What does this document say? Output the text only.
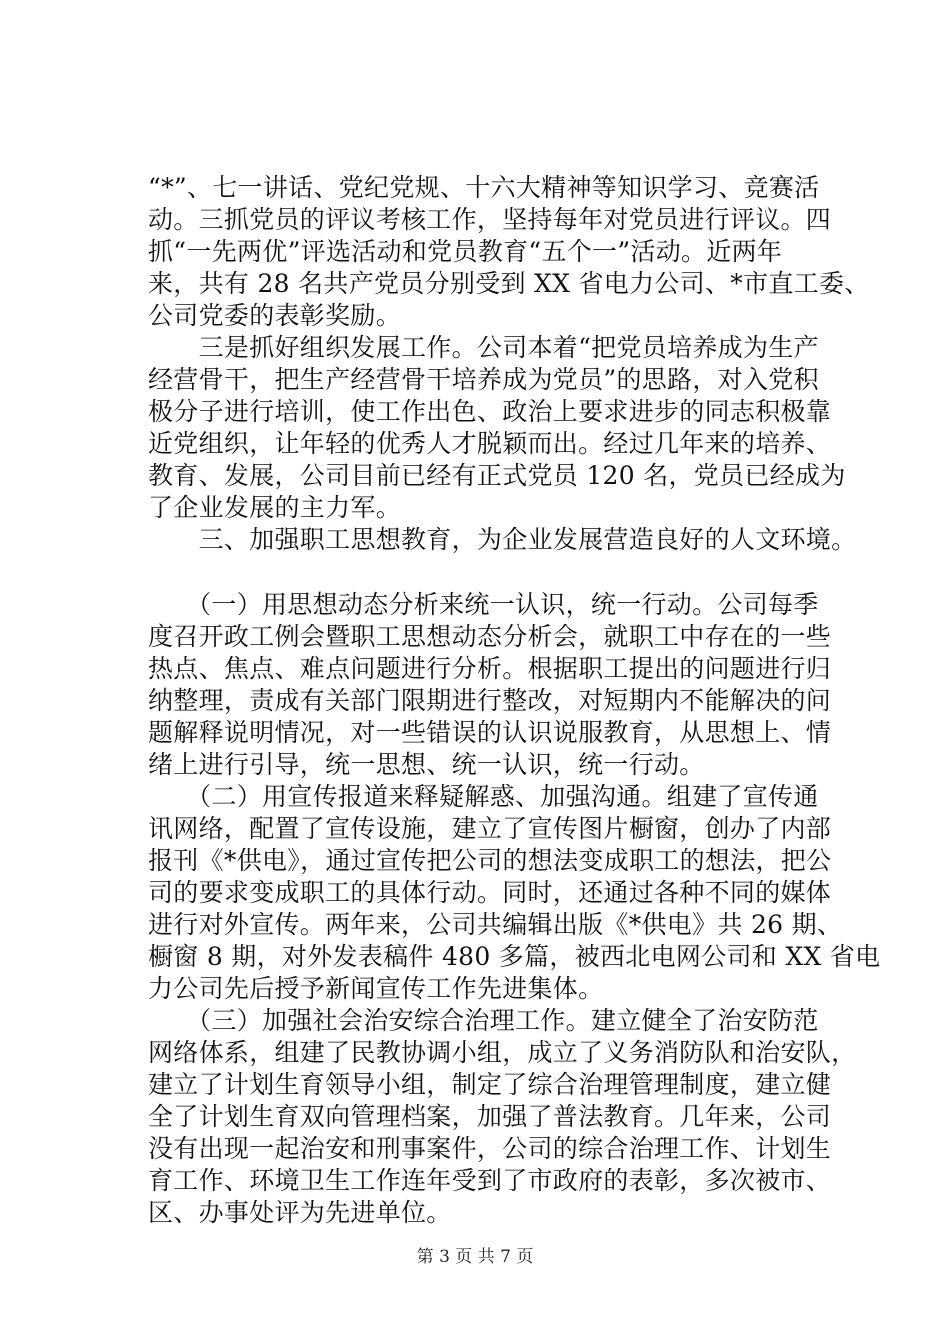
“*”、七一讲话、党纪党规、十六大精神等知识学习、竞赛活
动。三抓党员的评议考核工作，坚持每年对党员进行评议。四
抓“一先两优”评选活动和党员教育“五个一”活动。近两年
来，共有 28 名共产党员分别受到 XX 省电力公司、*市直工委、
公司党委的表彰奖励。
　　三是抓好组织发展工作。公司本着“把党员培养成为生产
经营骨干，把生产经营骨干培养成为党员”的思路，对入党积
极分子进行培训，使工作出色、政治上要求进步的同志积极靠
近党组织，让年轻的优秀人才脱颖而出。经过几年来的培养、
教育、发展，公司目前已经有正式党员 120 名，党员已经成为
了企业发展的主力军。
　　三、加强职工思想教育，为企业发展营造良好的人文环境。
　　（一）用思想动态分析来统一认识，统一行动。公司每季
度召开政工例会暨职工思想动态分析会，就职工中存在的一些
热点、焦点、难点问题进行分析。根据职工提出的问题进行归
纳整理，责成有关部门限期进行整改，对短期内不能解决的问
题解释说明情况，对一些错误的认识说服教育，从思想上、情
绪上进行引导，统一思想、统一认识，统一行动。
　　（二）用宣传报道来释疑解惑、加强沟通。组建了宣传通
讯网络，配置了宣传设施，建立了宣传图片橱窗，创办了内部
报刊《*供电》，通过宣传把公司的想法变成职工的想法，把公
司的要求变成职工的具体行动。同时，还通过各种不同的媒体
进行对外宣传。两年来，公司共编辑出版《*供电》共 26 期、
橱窗 8 期，对外发表稿件 480 多篇，被西北电网公司和 XX 省电
力公司先后授予新闻宣传工作先进集体。
　　（三）加强社会治安综合治理工作。建立健全了治安防范
网络体系，组建了民教协调小组，成立了义务消防队和治安队，
建立了计划生育领导小组，制定了综合治理管理制度，建立健
全了计划生育双向管理档案，加强了普法教育。几年来，公司
没有出现一起治安和刑事案件，公司的综合治理工作、计划生
育工作、环境卫生工作连年受到了市政府的表彰，多次被市、
区、办事处评为先进单位。
第 3 页 共 7 页
